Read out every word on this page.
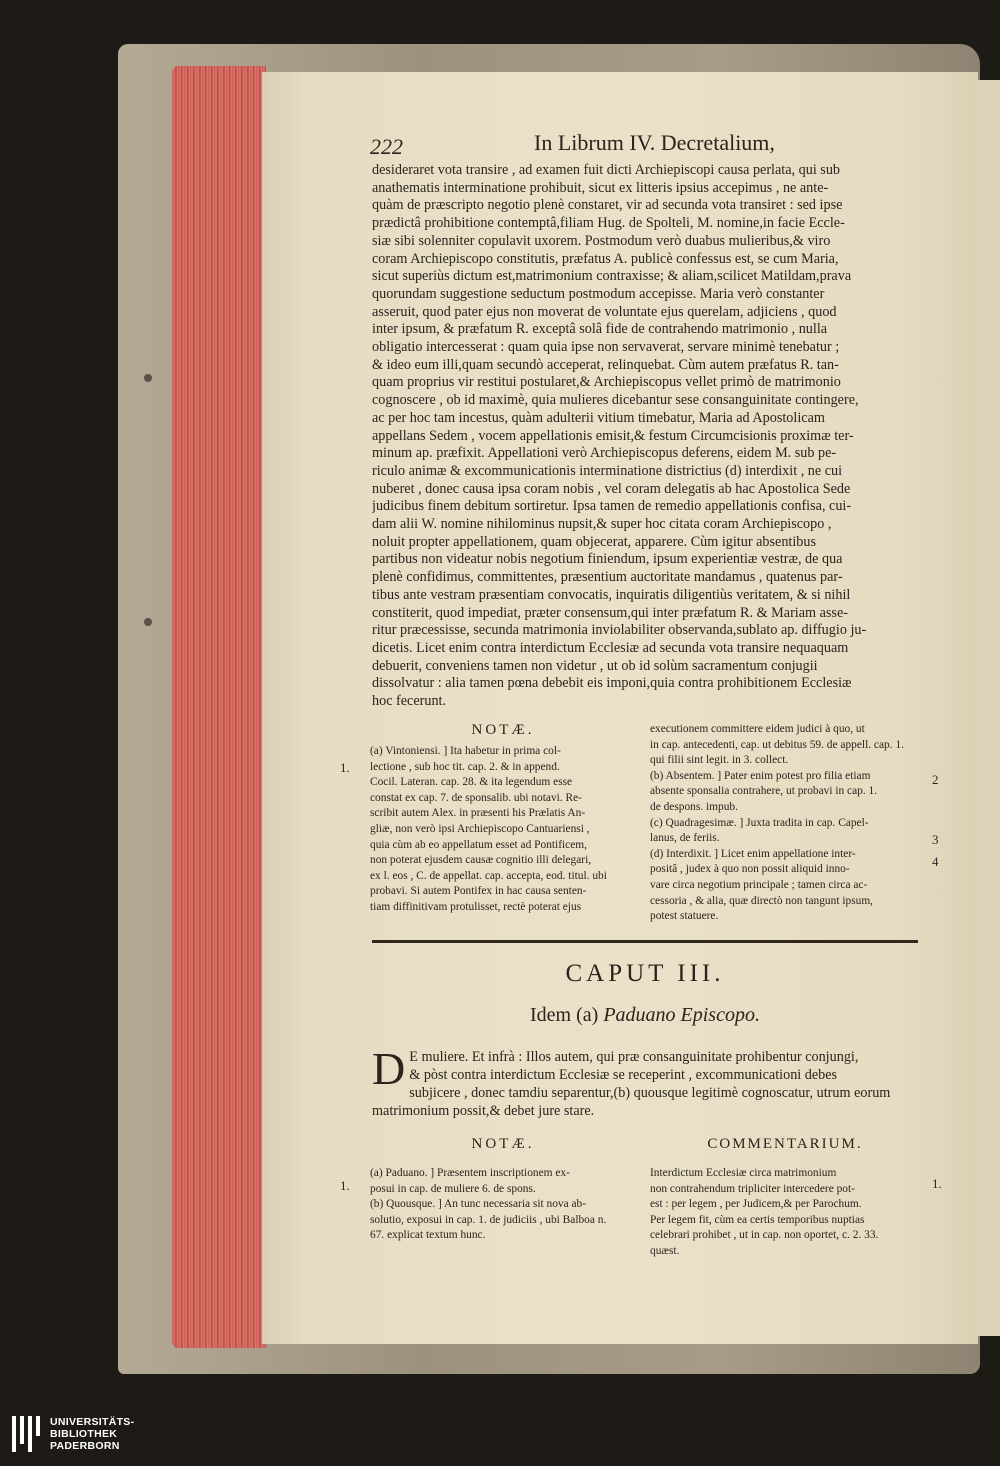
222	In Librum IV. Decretalium,

desideraret vota transire , ad examen fuit dicti Archiepiscopi causa perlata, qui sub
anathematis interminatione prohibuit, sicut ex litteris ipsius accepimus , ne ante-
quàm de præscripto negotio plenè constaret, vir ad secunda vota transiret : sed ipse
prædictâ prohibitione contemptâ,filiam Hug. de Spolteli, M. nomine,in facie Eccle-
siæ sibi solenniter copulavit uxorem. Postmodum verò duabus mulieribus,& viro
coram Archiepiscopo constitutis, præfatus A. publicè confessus est, se cum Maria,
sicut superiùs dictum est,matrimonium contraxisse; & aliam,scilicet Matildam,prava
quorundam suggestione seductum postmodum accepisse. Maria verò constanter
asseruit, quod pater ejus non moverat de voluntate ejus querelam, adjiciens , quod
inter ipsum, & præfatum R. exceptâ solâ fide de contrahendo matrimonio , nulla
obligatio intercesserat : quam quia ipse non servaverat, servare minimè tenebatur ;
& ideo eum illi,quam secundò acceperat, relinquebat. Cùm autem præfatus R. tan-
quam proprius vir restitui postularet,& Archiepiscopus vellet primò de matrimonio
cognoscere , ob id maximè, quia mulieres dicebantur sese consanguinitate contingere,
ac per hoc tam incestus, quàm adulterii vitium timebatur, Maria ad Apostolicam
appellans Sedem , vocem appellationis emisit,& festum Circumcisionis proximæ ter-
minum ap. præfixit. Appellationi verò Archiepiscopus deferens, eidem M. sub pe-
riculo animæ & excommunicationis interminatione districtius (d) interdixit , ne cui
nuberet , donec causa ipsa coram nobis , vel coram delegatis ab hac Apostolica Sede
judicibus finem debitum sortiretur. Ipsa tamen de remedio appellationis confisa, cui-
dam alii W. nomine nihilominus nupsit,& super hoc citata coram Archiepiscopo ,
noluit propter appellationem, quam objecerat, apparere. Cùm igitur absentibus
partibus non videatur nobis negotium finiendum, ipsum experientiæ vestræ, de qua
plenè confidimus, committentes, præsentium auctoritate mandamus , quatenus par-
tibus ante vestram præsentiam convocatis, inquiratis diligentiùs veritatem, & si nihil
constiterit, quod impediat, præter consensum,qui inter præfatum R. & Mariam asse-
ritur præcessisse, secunda matrimonia inviolabiliter observanda,sublato ap. diffugio ju-
dicetis. Licet enim contra interdictum Ecclesiæ ad secunda vota transire nequaquam
debuerit, conveniens tamen non videtur , ut ob id solùm sacramentum conjugii
dissolvatur : alia tamen pœna debebit eis imponi,quia contra prohibitionem Ecclesiæ
hoc fecerunt.

NOTÆ.
(a) Vintoniensi. ] Ita habetur in prima col-
lectione , sub hoc tit. cap. 2. & in append.
Cocil. Lateran. cap. 28. & ita legendum esse
constat ex cap. 7. de sponsalib. ubi notavi. Re-
scribit autem Alex. in præsenti his Prælatis An-
gliæ, non verò ipsi Archiepiscopo Cantuariensi ,
quia cùm ab eo appellatum esset ad Pontificem,
non poterat ejusdem causæ cognitio illi delegari,
ex l. eos , C. de appellat. cap. accepta, eod. titul. ubi
probavi. Si autem Pontifex in hac causa senten-
tiam diffinitivam protulisset, rectè poterat ejus
executionem committere eidem judici à quo, ut
in cap. antecedenti, cap. ut debitus 59. de appell. cap. 1.
qui filii sint legit. in 3. collect.
(b) Absentem. ] Pater enim potest pro filia etiam
absente sponsalia contrahere, ut probavi in cap. 1.
de despons. impub.
(c) Quadragesimæ. ] Juxta tradita in cap. Capel-
lanus, de feriis.
(d) Interdixit. ] Licet enim appellatione inter-
positâ , judex à quo non possit aliquid inno-
vare circa negotium principale ; tamen circa ac-
cessoria , & alia, quæ directò non tangunt ipsum,
potest statuere.
CAPUT III.
Idem (a) Paduano Episcopo.

D E muliere. Et infrà : Illos autem, qui præ consanguinitate prohibentur conjungi,
& pòst contra interdictum Ecclesiæ se receperint , excommunicationi debes
subjicere , donec tamdiu separentur,(b) quousque legitimè cognoscatur, utrum eorum
matrimonium possit,& debet jure stare.

NOTÆ.	COMMENTARIUM.
(a) Paduano. ] Præsentem inscriptionem ex-
posui in cap. de muliere 6. de spons.
(b) Quousque. ] An tunc necessaria sit nova ab-
solutio, exposui in cap. 1. de judiciis , ubi Balboa n.
67. explicat textum hunc.
Interdictum Ecclesiæ circa matrimonium
non contrahendum tripliciter intercedere pot-
est : per legem , per Judicem,& per Parochum.
Per legem fit, cùm ea certis temporibus nuptias
celebrari prohibet , ut in cap. non oportet, c. 2. 33.
quæst.
1.
2
3
4
1.	1.
UNIVERSITÄTS-
BIBLIOTHEK
PADERBORN
